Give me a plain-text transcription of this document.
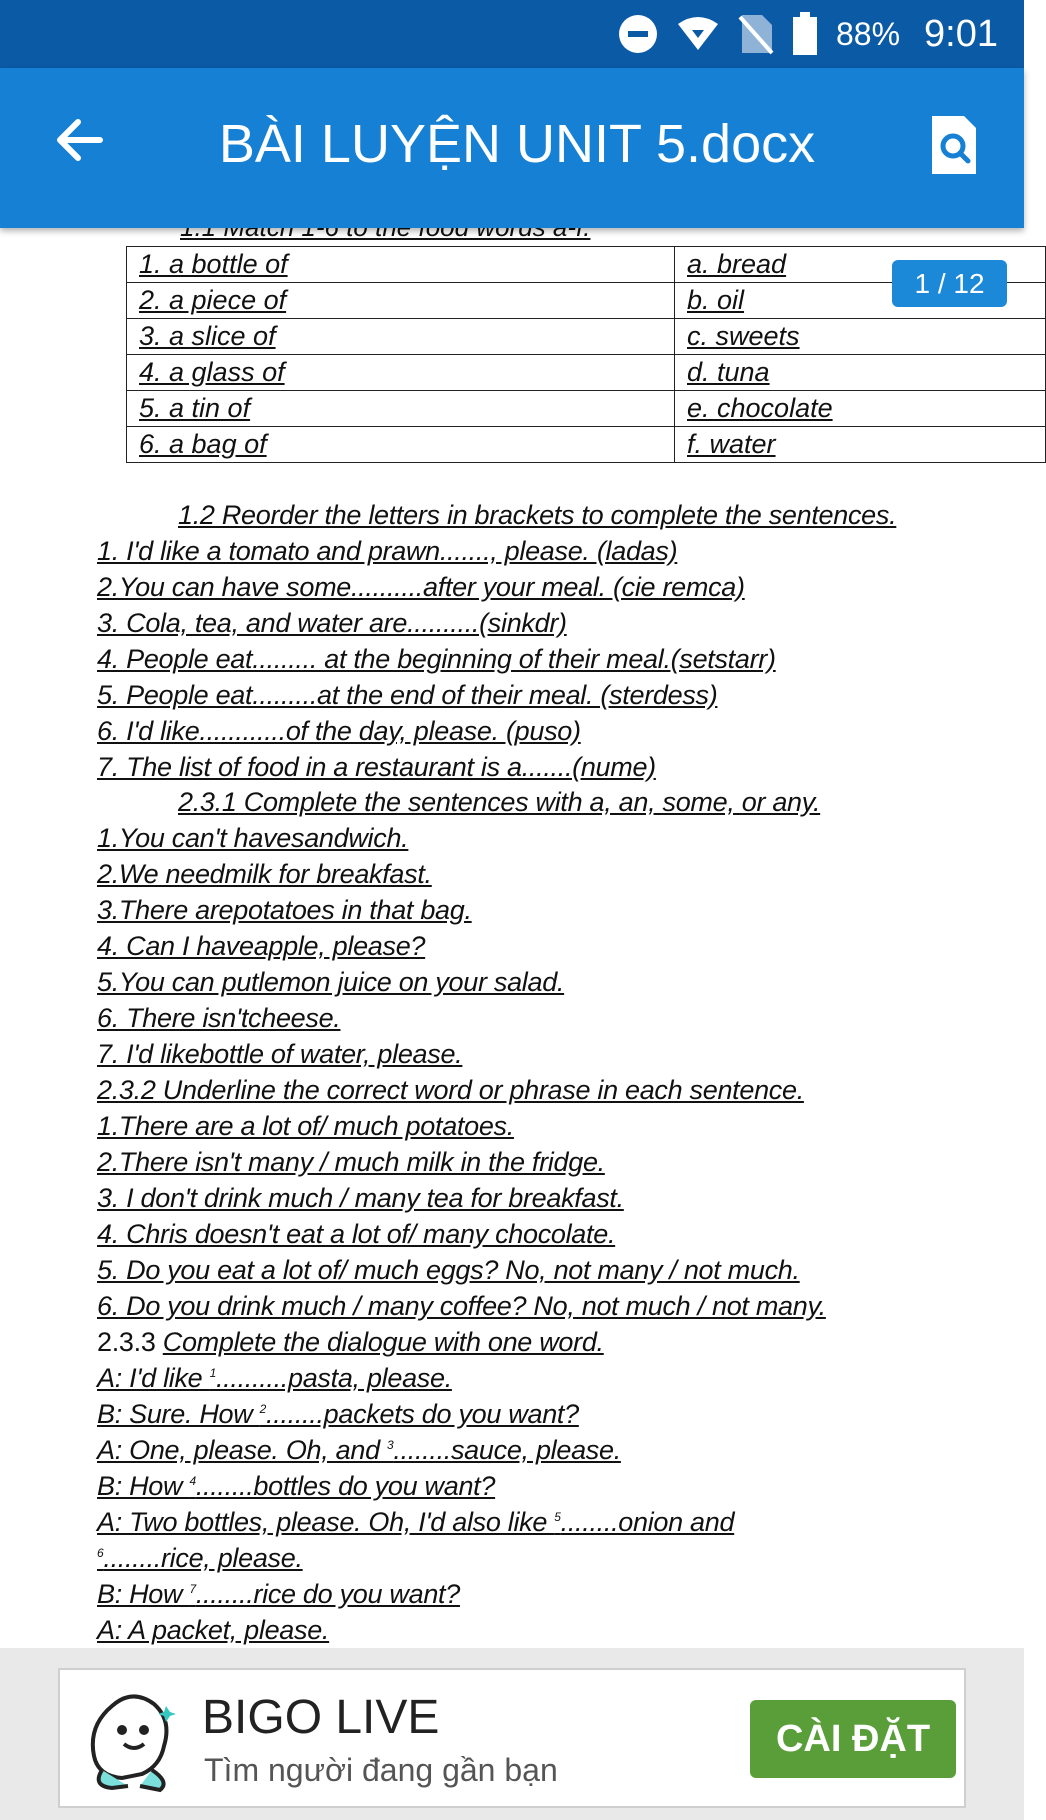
88% 9:01
BÀI LUYỆN UNIT 5.docx
1. a bottle of	a. bread
2. a piece of	b. oil
3. a slice of	c. sweets
4. a glass of	d. tuna
5. a tin of	e. chocolate
6. a bag of	f. water
1.2 Reorder the letters in brackets to complete the sentences.
1. I'd like a tomato and prawn......., please. (ladas)
2.You can have some..........after your meal. (cie remca)
3. Cola, tea, and water are..........(sinkdr)
4. People eat......... at the beginning of their meal.(setstarr)
5. People eat.........at the end of their meal. (sterdess)
6. I'd like............of the day, please. (puso)
7. The list of food in a restaurant is a.......(nume)
2.3.1 Complete the sentences with a, an, some, or any.
1.You can't havesandwich.
2.We needmilk for breakfast.
3.There arepotatoes in that bag.
4. Can I haveapple, please?
5.You can putlemon juice on your salad.
6. There isn'tcheese.
7. I'd likebottle of water, please.
2.3.2 Underline the correct word or phrase in each sentence.
1.There are a lot of/ much potatoes.
2.There isn't many / much milk in the fridge.
3. I don't drink much / many tea for breakfast.
4. Chris doesn't eat a lot of/ many chocolate.
5. Do you eat a lot of/ much eggs? No, not many / not much.
6. Do you drink much / many coffee? No, not much / not many.
2.3.3 Complete the dialogue with one word.
A: I'd like $^1$..........pasta, please.
B: Sure. How $^2$........packets do you want?
A: One, please. Oh, and $^3$........sauce, please.
B: How $^4$........bottles do you want?
A: Two bottles, please. Oh, I'd also like $^5$........onion and
$^6$........rice, please.
B: How $^7$........rice do you want?
A: A packet, please.
1 / 12
BIGO LIVE
Tìm người đang gần bạn
CÀI ĐẶT
